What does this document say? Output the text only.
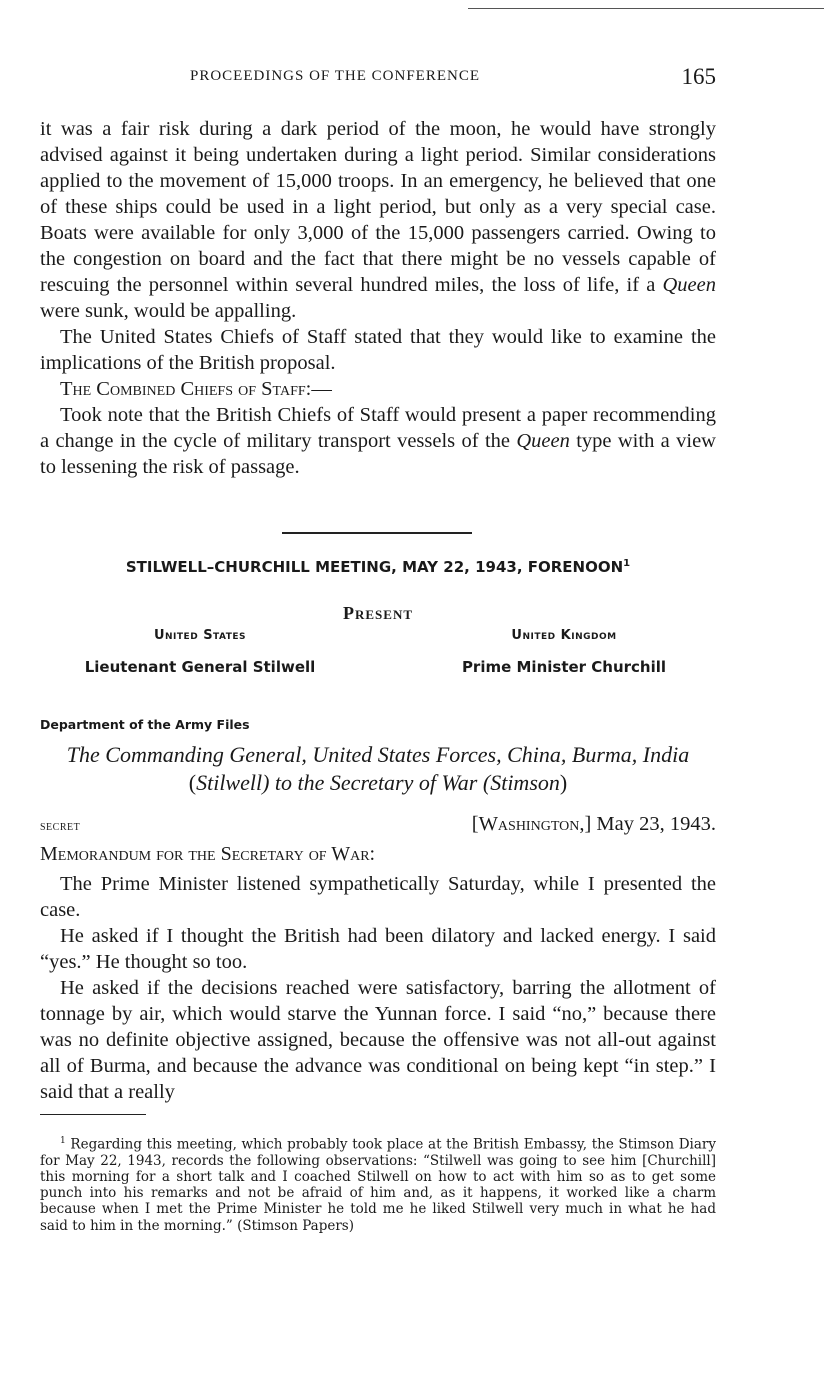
PROCEEDINGS OF THE CONFERENCE	165

it was a fair risk during a dark period of the moon, he would have strongly advised against it being undertaken during a light period. Similar considerations applied to the movement of 15,000 troops. In an emergency, he believed that one of these ships could be used in a light period, but only as a very special case. Boats were available for only 3,000 of the 15,000 passengers carried. Owing to the congestion on board and the fact that there might be no vessels capable of rescuing the personnel within several hundred miles, the loss of life, if a Queen were sunk, would be appalling.

The United States Chiefs of Staff stated that they would like to examine the implications of the British proposal.

The Combined Chiefs of Staff:—

Took note that the British Chiefs of Staff would present a paper recommending a change in the cycle of military transport vessels of the Queen type with a view to lessening the risk of passage.

STILWELL–CHURCHILL MEETING, MAY 22, 1943, FORENOON$^1$
Present
United States
Lieutenant General Stilwell
United Kingdom
Prime Minister Churchill
Department of the Army Files
The Commanding General, United States Forces, China, Burma, India
(Stilwell) to the Secretary of War (Stimson)
secret	[Washington,] May 23, 1943.
Memorandum for the Secretary of War:

The Prime Minister listened sympathetically Saturday, while I presented the case.

He asked if I thought the British had been dilatory and lacked energy. I said “yes.” He thought so too.

He asked if the decisions reached were satisfactory, barring the allotment of tonnage by air, which would starve the Yunnan force. I said “no,” because there was no definite objective assigned, because the offensive was not all-out against all of Burma, and because the advance was conditional on being kept “in step.” I said that a really

$^1$ Regarding this meeting, which probably took place at the British Embassy, the Stimson Diary for May 22, 1943, records the following observations: “Stilwell was going to see him [Churchill] this morning for a short talk and I coached Stilwell on how to act with him so as to get some punch into his remarks and not be afraid of him and, as it happens, it worked like a charm because when I met the Prime Minister he told me he liked Stilwell very much in what he had said to him in the morning.” (Stimson Papers)
